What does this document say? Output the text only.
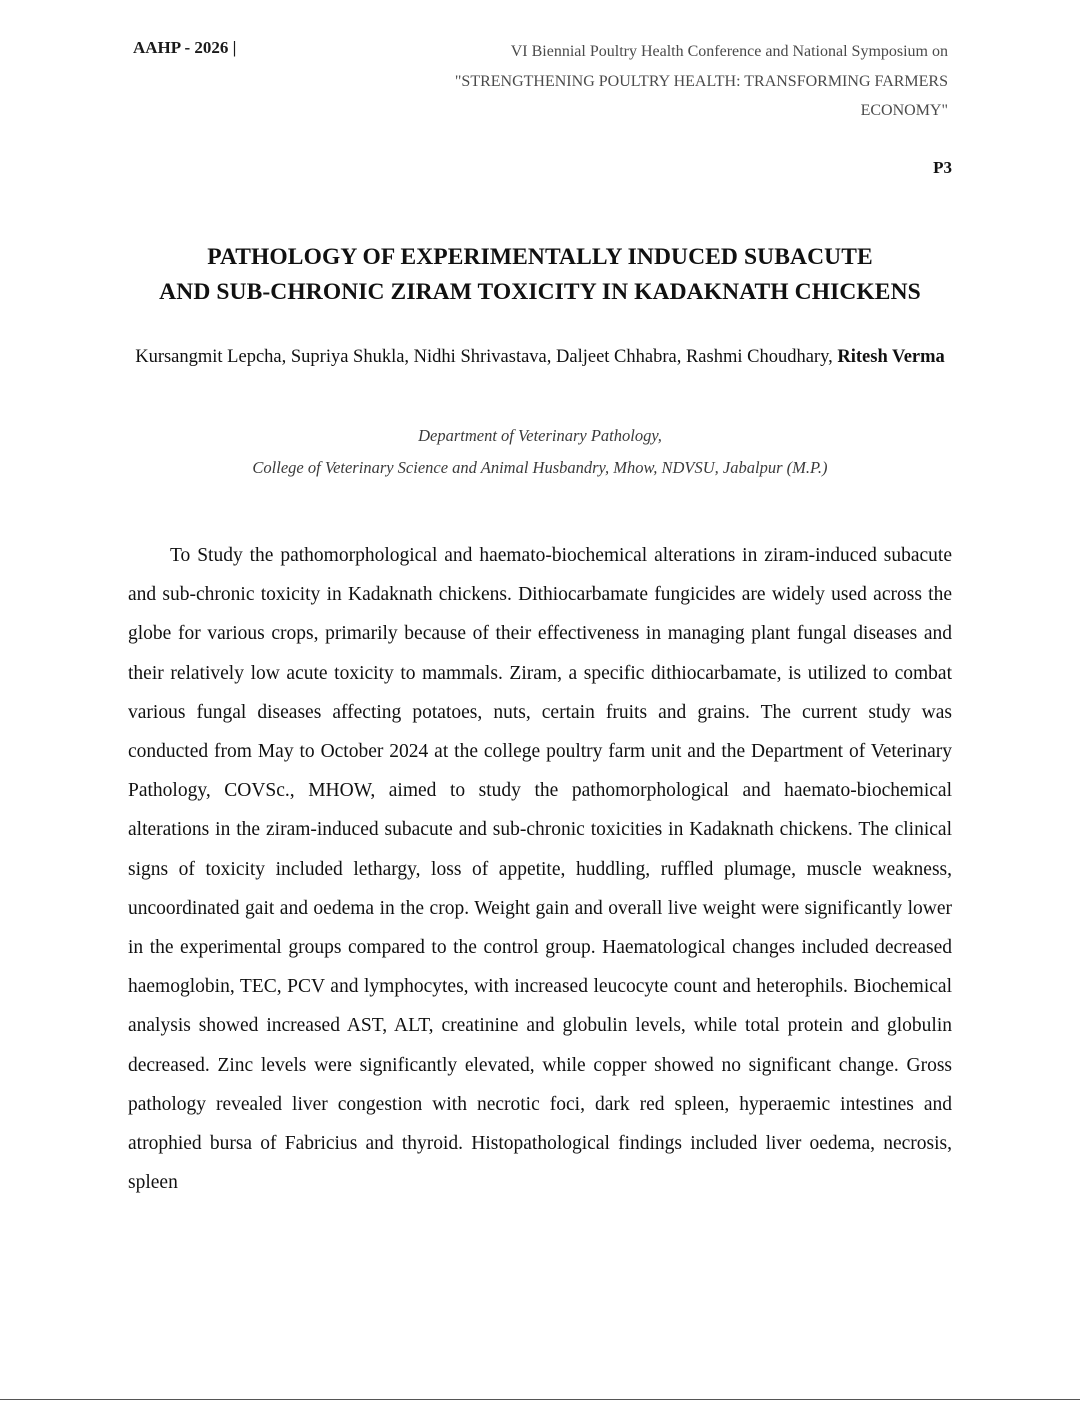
AAHP - 2026 |	VI Biennial Poultry Health Conference and National Symposium on
"STRENGTHENING POULTRY HEALTH: TRANSFORMING FARMERS
ECONOMY"
P3
PATHOLOGY OF EXPERIMENTALLY INDUCED SUBACUTE
AND SUB-CHRONIC ZIRAM TOXICITY IN KADAKNATH CHICKENS
Kursangmit Lepcha, Supriya Shukla, Nidhi Shrivastava, Daljeet Chhabra, Rashmi Choudhary, Ritesh Verma
Department of Veterinary Pathology,
College of Veterinary Science and Animal Husbandry, Mhow, NDVSU, Jabalpur (M.P.)

To Study the pathomorphological and haemato-biochemical alterations in ziram-induced subacute and sub-chronic toxicity in Kadaknath chickens. Dithiocarbamate fungicides are widely used across the globe for various crops, primarily because of their effectiveness in managing plant fungal diseases and their relatively low acute toxicity to mammals. Ziram, a specific dithiocarbamate, is utilized to combat various fungal diseases affecting potatoes, nuts, certain fruits and grains. The current study was conducted from May to October 2024 at the college poultry farm unit and the Department of Veterinary Pathology, COVSc., MHOW, aimed to study the pathomorphological and haemato-biochemical alterations in the ziram-induced subacute and sub-chronic toxicities in Kadaknath chickens. The clinical signs of toxicity included lethargy, loss of appetite, huddling, ruffled plumage, muscle weakness, uncoordinated gait and oedema in the crop. Weight gain and overall live weight were significantly lower in the experimental groups compared to the control group. Haematological changes included decreased haemoglobin, TEC, PCV and lymphocytes, with increased leucocyte count and heterophils. Biochemical analysis showed increased AST, ALT, creatinine and globulin levels, while total protein and globulin decreased. Zinc levels were significantly elevated, while copper showed no significant change. Gross pathology revealed liver congestion with necrotic foci, dark red spleen, hyperaemic intestines and atrophied bursa of Fabricius and thyroid. Histopathological findings included liver oedema, necrosis, spleen
